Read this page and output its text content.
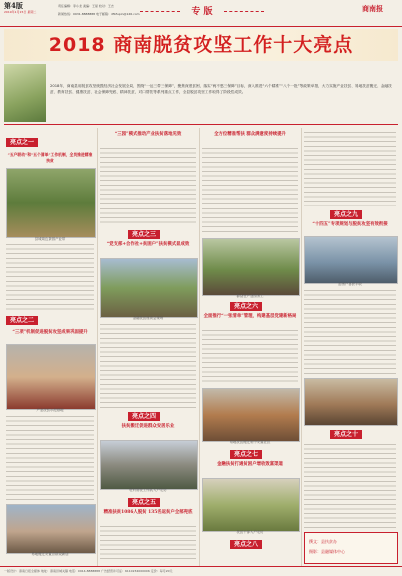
第4版
2019年1月15日 星期二
责任编辑：李小龙 美编：王星 校对：王志
新闻热线：0931-8888888 电子邮箱：dfbfupin@126.com	专 版	商南报
2018 商南脱贫攻坚工作十大亮点
2018年，商南县用脱贫攻坚统揽经济社会发展全局，围绕“一达三带三保障”，聚焦深度贫困，落实“两不愁三保障”目标，深入推进“六个精准”“八个一批”等政策举措，大力实施产业扶贫、易地扶贫搬迁、金融扶贫、教育扶贫、健康扶贫、社会保障兜底、精神扶贫，对口帮扶等系列重点工作，全县脱贫攻坚工作取得了阶段性成效。
亮点之一
“五户联动”和“五个清单”工作机制，全员推进精准扶贫
县城周边茶园产业带
亮点之二
“三项”机制促进脱贫攻坚成果巩固提升
产业扶贫示范基地
易地搬迁安置点群众新居
“三园”模式推动产业扶贫落地见效
亮点之三
“党支部+合作社+贫困户”扶贫模式显成效
金融扶贫座谈会现场
亮点之四
扶贫搬迁促进群众安居乐业
驻村帮扶工作队入户走访
亮点之五
精准扶贫1086人脱贫 135名返贫户全部兜底
全方位精准帮扶 群众满意度持续提升
群众在产业园务工
亮点之六
全面推行“一张清单”管理，构建基层党建新格局
易地扶贫搬迁集中安置社区
亮点之七
金融扶贫打通贫困户增收致富渠道
扶贫干部入户走访
亮点之八
亮点之九
“十四五”专项规划与脱贫攻坚有效衔接
贫困户喜获丰收
亮点之十
撰文：县扶贫办
摄影：县融媒体中心
一版设计：商南日报全媒体 地址：商南县城关镇 电话：0914-8888888 广告经营许可证：6110234000006 定价：每月20元
